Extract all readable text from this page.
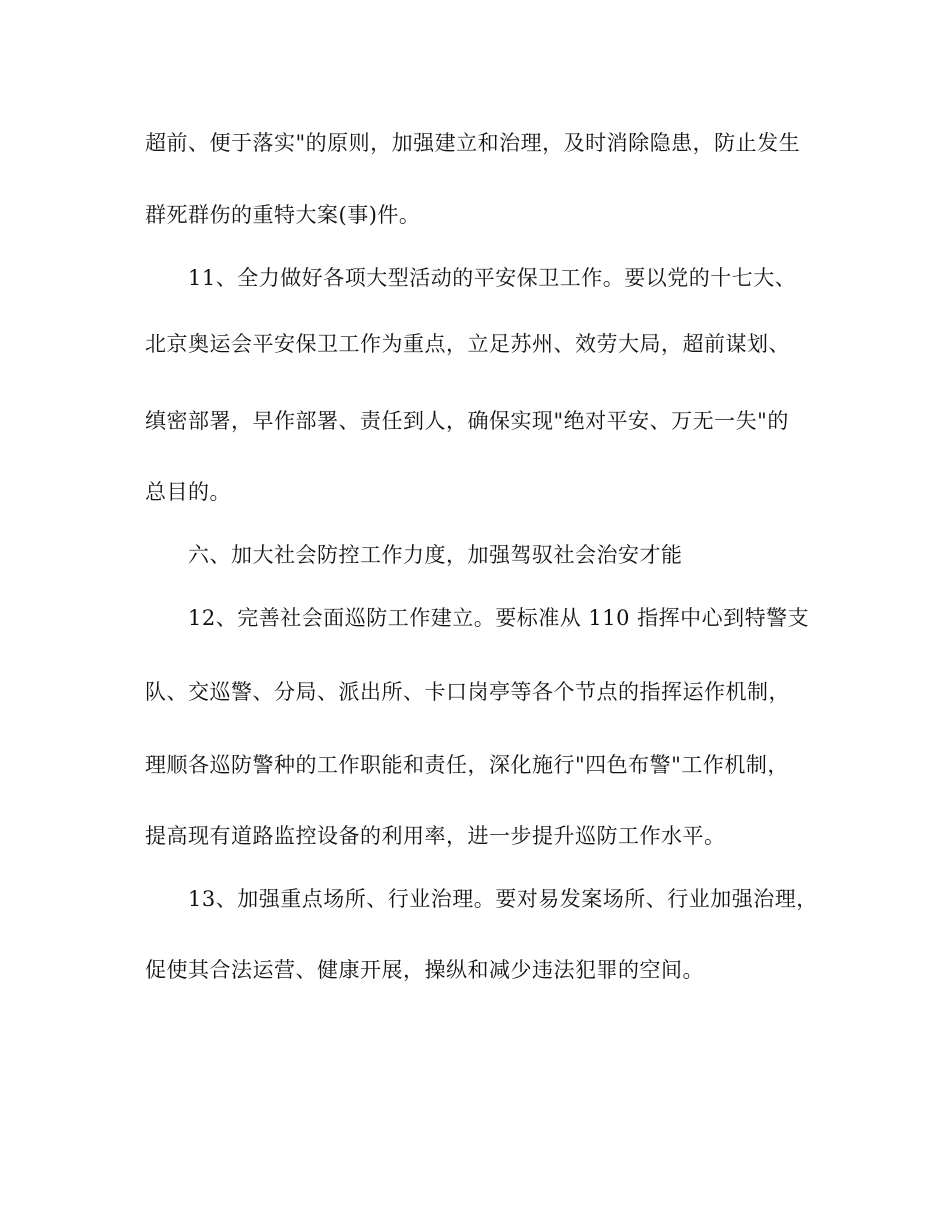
超前、便于落实"的原则，加强建立和治理，及时消除隐患，防止发生
群死群伤的重特大案(事)件。
11、全力做好各项大型活动的平安保卫工作。要以党的十七大、
北京奥运会平安保卫工作为重点，立足苏州、效劳大局，超前谋划、
缜密部署，早作部署、责任到人，确保实现"绝对平安、万无一失"的
总目的。
六、加大社会防控工作力度，加强驾驭社会治安才能
12、完善社会面巡防工作建立。要标准从 110 指挥中心到特警支
队、交巡警、分局、派出所、卡口岗亭等各个节点的指挥运作机制，
理顺各巡防警种的工作职能和责任，深化施行"四色布警"工作机制，
提高现有道路监控设备的利用率，进一步提升巡防工作水平。
13、加强重点场所、行业治理。要对易发案场所、行业加强治理，
促使其合法运营、健康开展，操纵和减少违法犯罪的空间。
